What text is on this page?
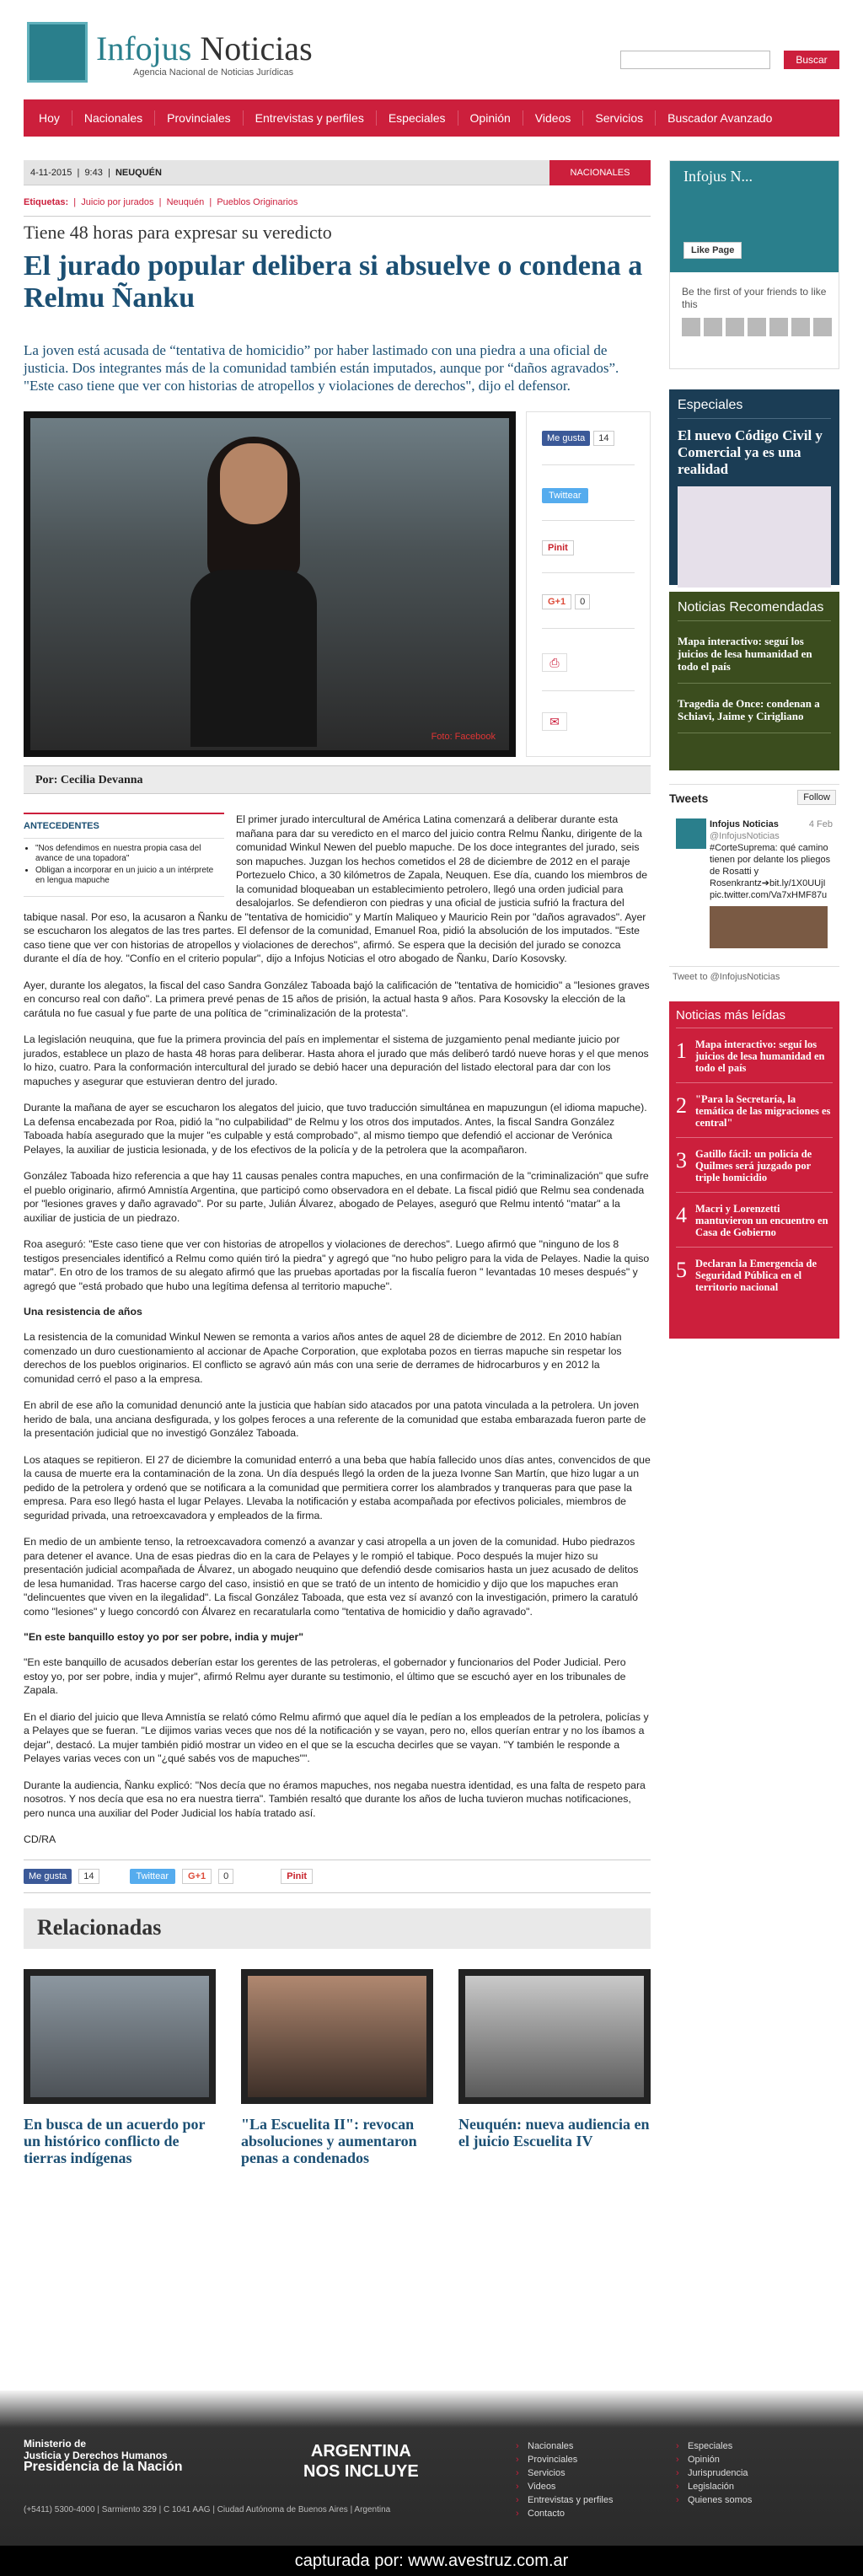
Infojus Noticias
Agencia Nacional de Noticias Jurídicas
Buscar
Hoy	Nacionales	Provinciales	Entrevistas y perfiles	Especiales	Opinión	Videos	Servicios	Buscador Avanzado
4-11-2015  |  9:43  |  NEUQUÉN	NACIONALES
Etiquetas:  |  Juicio por jurados  |  Neuquén  |  Pueblos Originarios
Tiene 48 horas para expresar su veredicto
El jurado popular delibera si absuelve o condena a Relmu Ñanku

La joven está acusada de “tentativa de homicidio” por haber lastimado con una piedra a una oficial de justicia. Dos integrantes más de la comunidad también están imputados, aunque por “daños agravados”. "Este caso tiene que ver con historias de atropellos y violaciones de derechos", dijo el defensor.

Foto: Facebook
Me gusta	14
Twittear
Pinit
G+1	0
⎙
✉
Por: Cecilia Devanna
ANTECEDENTES
• "Nos defendimos en nuestra propia casa del avance de una topadora"
• Obligan a incorporar en un juicio a un intérprete en lengua mapuche

El primer jurado intercultural de América Latina comenzará a deliberar durante esta mañana para dar su veredicto en el marco del juicio contra Relmu Ñanku, dirigente de la comunidad Winkul Newen del pueblo mapuche. De los doce integrantes del jurado, seis son mapuches. Juzgan los hechos cometidos el 28 de diciembre de 2012 en el paraje Portezuelo Chico, a 30 kilómetros de Zapala, Neuquen. Ese día, cuando los miembros de la comunidad bloqueaban un establecimiento petrolero, llegó una orden judicial para desalojarlos. Se defendieron con piedras y una oficial de justicia sufrió la fractura del tabique nasal. Por eso, la acusaron a Ñanku de "tentativa de homicidio" y Martín Maliqueo y Mauricio Rein por "daños agravados". Ayer se escucharon los alegatos de las tres partes. El defensor de la comunidad, Emanuel Roa, pidió la absolución de los imputados. "Este caso tiene que ver con historias de atropellos y violaciones de derechos", afirmó. Se espera que la decisión del jurado se conozca durante el día de hoy. "Confío en el criterio popular", dijo a Infojus Noticias el otro abogado de Ñanku, Darío Kosovsky.

Ayer, durante los alegatos, la fiscal del caso Sandra González Taboada bajó la calificación de "tentativa de homicidio" a "lesiones graves en concurso real con daño". La primera prevé penas de 15 años de prisión, la actual hasta 9 años. Para Kosovsky la elección de la carátula no fue casual y fue parte de una política de "criminalización de la protesta".

La legislación neuquina, que fue la primera provincia del país en implementar el sistema de juzgamiento penal mediante juicio por jurados, establece un plazo de hasta 48 horas para deliberar. Hasta ahora el jurado que más deliberó tardó nueve horas y el que menos lo hizo, cuatro. Para la conformación intercultural del jurado se debió hacer una depuración del listado electoral para dar con los mapuches y asegurar que estuvieran dentro del jurado.

Durante la mañana de ayer se escucharon los alegatos del juicio, que tuvo traducción simultánea en mapuzungun (el idioma mapuche). La defensa encabezada por Roa, pidió la "no culpabilidad" de Relmu y los otros dos imputados. Antes, la fiscal Sandra González Taboada había asegurado que la mujer "es culpable y está comprobado", al mismo tiempo que defendió el accionar de Verónica Pelayes, la auxiliar de justicia lesionada, y de los efectivos de la policía y de la petrolera que la acompañaron.

González Taboada hizo referencia a que hay 11 causas penales contra mapuches, en una confirmación de la "criminalización" que sufre el pueblo originario, afirmó Amnistía Argentina, que participó como observadora en el debate. La fiscal pidió que Relmu sea condenada por "lesiones graves y daño agravado". Por su parte, Julián Álvarez, abogado de Pelayes, aseguró que Relmu intentó "matar" a la auxiliar de justicia de un piedrazo.

Roa aseguró: "Este caso tiene que ver con historias de atropellos y violaciones de derechos". Luego afirmó que "ninguno de los 8 testigos presenciales identificó a Relmu como quién tiró la piedra" y agregó que "no hubo peligro para la vida de Pelayes. Nadie la quiso matar". En otro de los tramos de su alegato afirmó que las pruebas aportadas por la fiscalía fueron " levantadas 10 meses después" y agregó que "está probado que hubo una legítima defensa al territorio mapuche".

Una resistencia de años

La resistencia de la comunidad Winkul Newen se remonta a varios años antes de aquel 28 de diciembre de 2012. En 2010 habían comenzado un duro cuestionamiento al accionar de Apache Corporation, que explotaba pozos en tierras mapuche sin respetar los derechos de los pueblos originarios. El conflicto se agravó aún más con una serie de derrames de hidrocarburos y en 2012 la comunidad cerró el paso a la empresa.

En abril de ese año la comunidad denunció ante la justicia que habían sido atacados por una patota vinculada a la petrolera. Un joven herido de bala, una anciana desfigurada, y los golpes feroces a una referente de la comunidad que estaba embarazada fueron parte de la presentación judicial que no investigó González Taboada.

Los ataques se repitieron. El 27 de diciembre la comunidad enterró a una beba que había fallecido unos días antes, convencidos de que la causa de muerte era la contaminación de la zona. Un día después llegó la orden de la jueza Ivonne San Martín, que hizo lugar a un pedido de la petrolera y ordenó que se notificara a la comunidad que permitiera correr los alambrados y tranqueras para que pase la empresa. Para eso llegó hasta el lugar Pelayes. Llevaba la notificación y estaba acompañada por efectivos policiales, miembros de seguridad privada, una retroexcavadora y empleados de la firma.

En medio de un ambiente tenso, la retroexcavadora comenzó a avanzar y casi atropella a un joven de la comunidad. Hubo piedrazos para detener el avance. Una de esas piedras dio en la cara de Pelayes y le rompió el tabique. Poco después la mujer hizo su presentación judicial acompañada de Álvarez, un abogado neuquino que defendió desde comisarios hasta un juez acusado de delitos de lesa humanidad. Tras hacerse cargo del caso, insistió en que se trató de un intento de homicidio y dijo que los mapuches eran "delincuentes que viven en la ilegalidad". La fiscal González Taboada, que esta vez sí avanzó con la investigación, primero la caratuló como "lesiones" y luego concordó con Álvarez en recaratularla como "tentativa de homicidio y daño agravado".

"En este banquillo estoy yo por ser pobre, india y mujer"

"En este banquillo de acusados deberían estar los gerentes de las petroleras, el gobernador y funcionarios del Poder Judicial. Pero estoy yo, por ser pobre, india y mujer", afirmó Relmu ayer durante su testimonio, el último que se escuchó ayer en los tribunales de Zapala.

En el diario del juicio que lleva Amnistía se relató cómo Relmu afirmó que aquel día le pedían a los empleados de la petrolera, policías y a Pelayes que se fueran. "Le dijimos varias veces que nos dé la notificación y se vayan, pero no, ellos querían entrar y no los íbamos a dejar", destacó. La mujer también pidió mostrar un video en el que se la escucha decirles que se vayan. "Y también le responde a Pelayes varias veces con un "¿qué sabés vos de mapuches"".

Durante la audiencia, Ñanku explicó: "Nos decía que no éramos mapuches, nos negaba nuestra identidad, es una falta de respeto para nosotros. Y nos decía que esa no era nuestra tierra". También resaltó que durante los años de lucha tuvieron muchas notificaciones, pero nunca una auxiliar del Poder Judicial los había tratado así.

CD/RA

Me gusta	14	Twittear	G+1	0	Pinit
Relacionadas
En busca de un acuerdo por un histórico conflicto de tierras indígenas
"La Escuelita II": revocan absoluciones y aumentaron penas a condenados
Neuquén: nueva audiencia en el juicio Escuelita IV
Infojus N...
Like Page
Be the first of your friends to like this
Especiales
El nuevo Código Civil y Comercial ya es una realidad
Noticias Recomendadas
Mapa interactivo: seguí los juicios de lesa humanidad en todo el país
Tragedia de Once: condenan a Schiavi, Jaime y Cirigliano
Tweets	Follow
Infojus Noticias	4 Feb

@InfojusNoticias
#CorteSuprema: qué camino tienen por delante los pliegos de Rosatti y Rosenkrantz➔bit.ly/1X0UUjI pic.twitter.com/Va7xHMF87u
Tweet to @InfojusNoticias
Noticias más leídas
1 Mapa interactivo: seguí los juicios de lesa humanidad en todo el país
2 "Para la Secretaría, la temática de las migraciones es central"
3 Gatillo fácil: un policía de Quilmes será juzgado por triple homicidio
4 Macri y Lorenzetti mantuvieron un encuentro en Casa de Gobierno
5 Declaran la Emergencia de Seguridad Pública en el territorio nacional
Ministerio de
Justicia y Derechos Humanos
Presidencia de la Nación
ARGENTINA
NOS INCLUYE
(+5411) 5300-4000 | Sarmiento 329 | C 1041 AAG | Ciudad Autónoma de Buenos Aires | Argentina
› Nacionales
› Provinciales
› Servicios
› Videos
› Entrevistas y perfiles
› Contacto
› Especiales
› Opinión
› Jurisprudencia
› Legislación
› Quienes somos
capturada por: www.avestruz.com.ar
